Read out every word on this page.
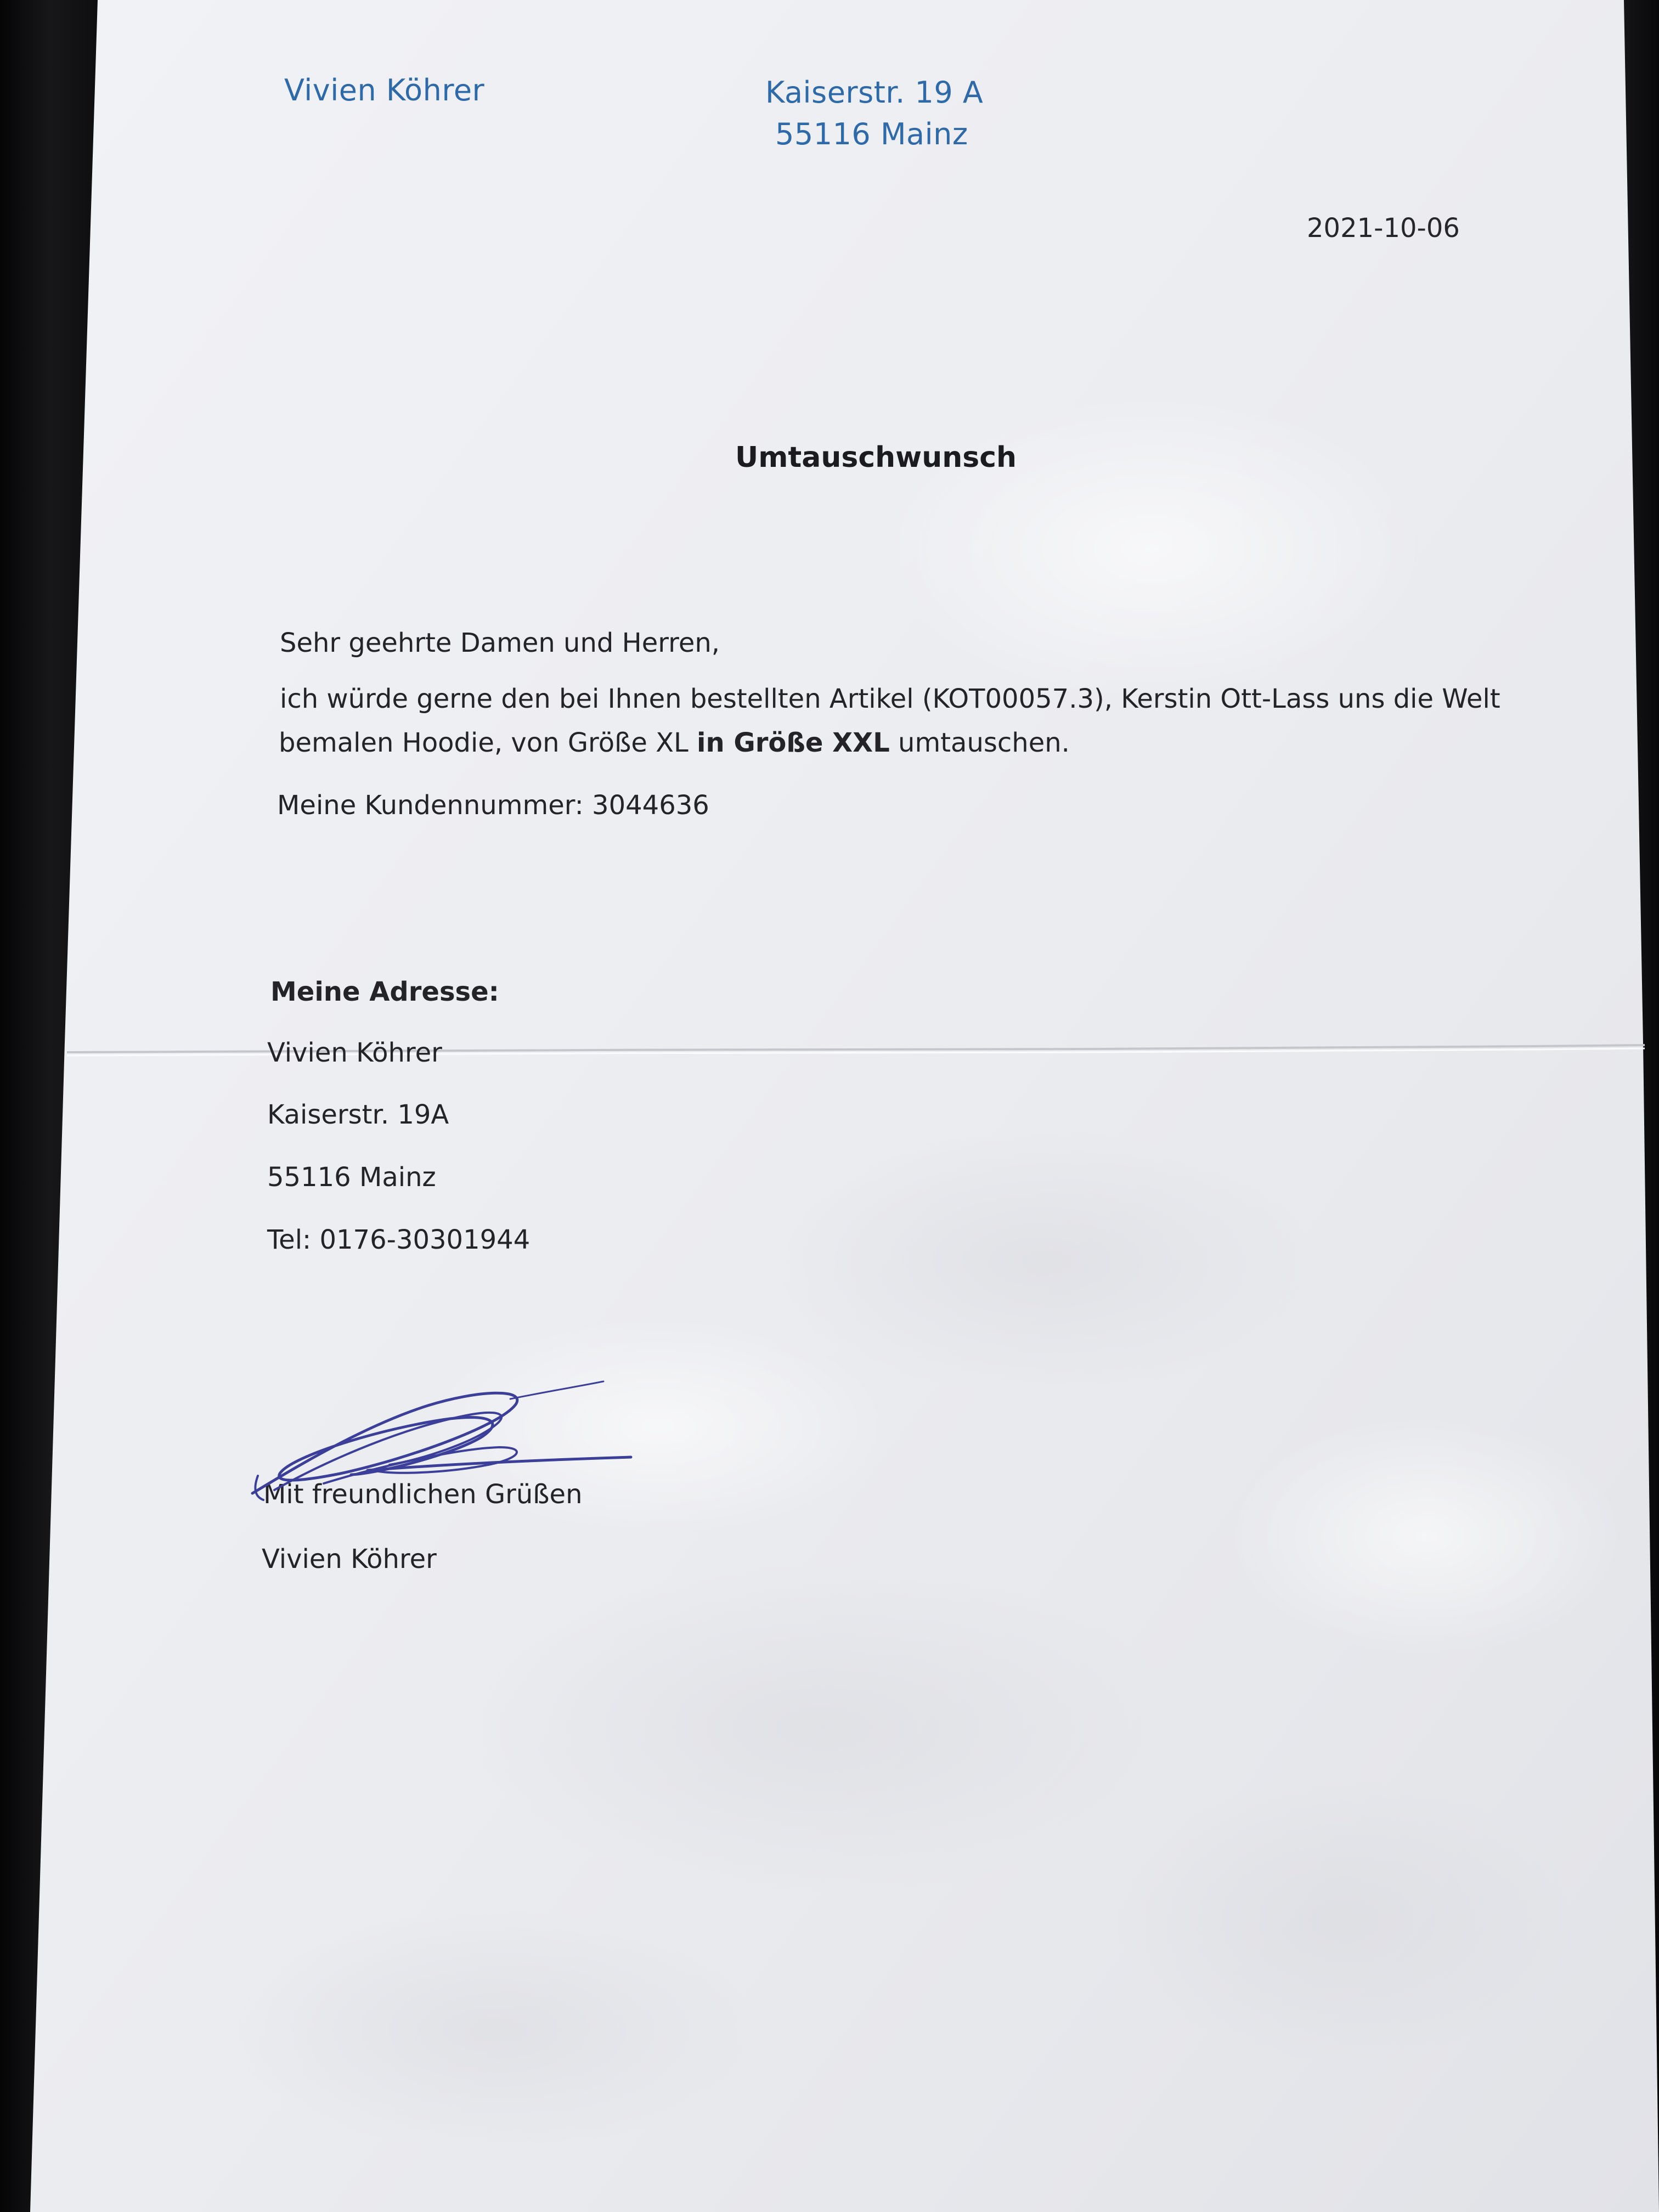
Vivien Köhrer	Kaiserstr. 19 A
55116 Mainz
2021-10-06
Umtauschwunsch
Sehr geehrte Damen und Herren,
ich würde gerne den bei Ihnen bestellten Artikel (KOT00057.3), Kerstin Ott-Lass uns die Welt
bemalen Hoodie, von Größe XL in Größe XXL umtauschen.
Meine Kundennummer: 3044636
Meine Adresse:
Vivien Köhrer
Kaiserstr. 19A
55116 Mainz
Tel: 0176-30301944
Mit freundlichen Grüßen
Vivien Köhrer
